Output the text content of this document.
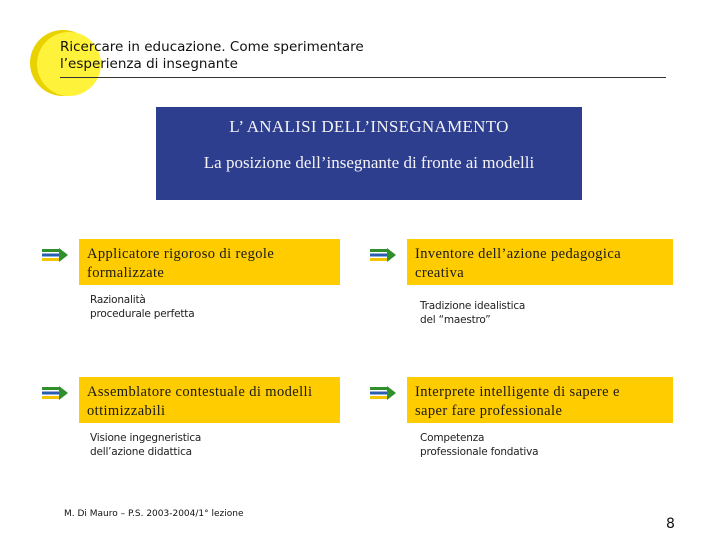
Ricercare in educazione. Come sperimentare
l’esperienza di insegnante
L’ ANALISI DELL’INSEGNAMENTO
La posizione dell’insegnante di fronte ai modelli
Applicatore rigoroso di regole
formalizzate
Razionalità
procedurale perfetta
Inventore dell’azione pedagogica
creativa
Tradizione idealistica
del “maestro”
Assemblatore contestuale di modelli
ottimizzabili
Visione ingegneristica
dell’azione didattica
Interprete intelligente di sapere e
saper fare professionale
Competenza
professionale fondativa
M. Di Mauro – P.S. 2003-2004/1° lezione
8
